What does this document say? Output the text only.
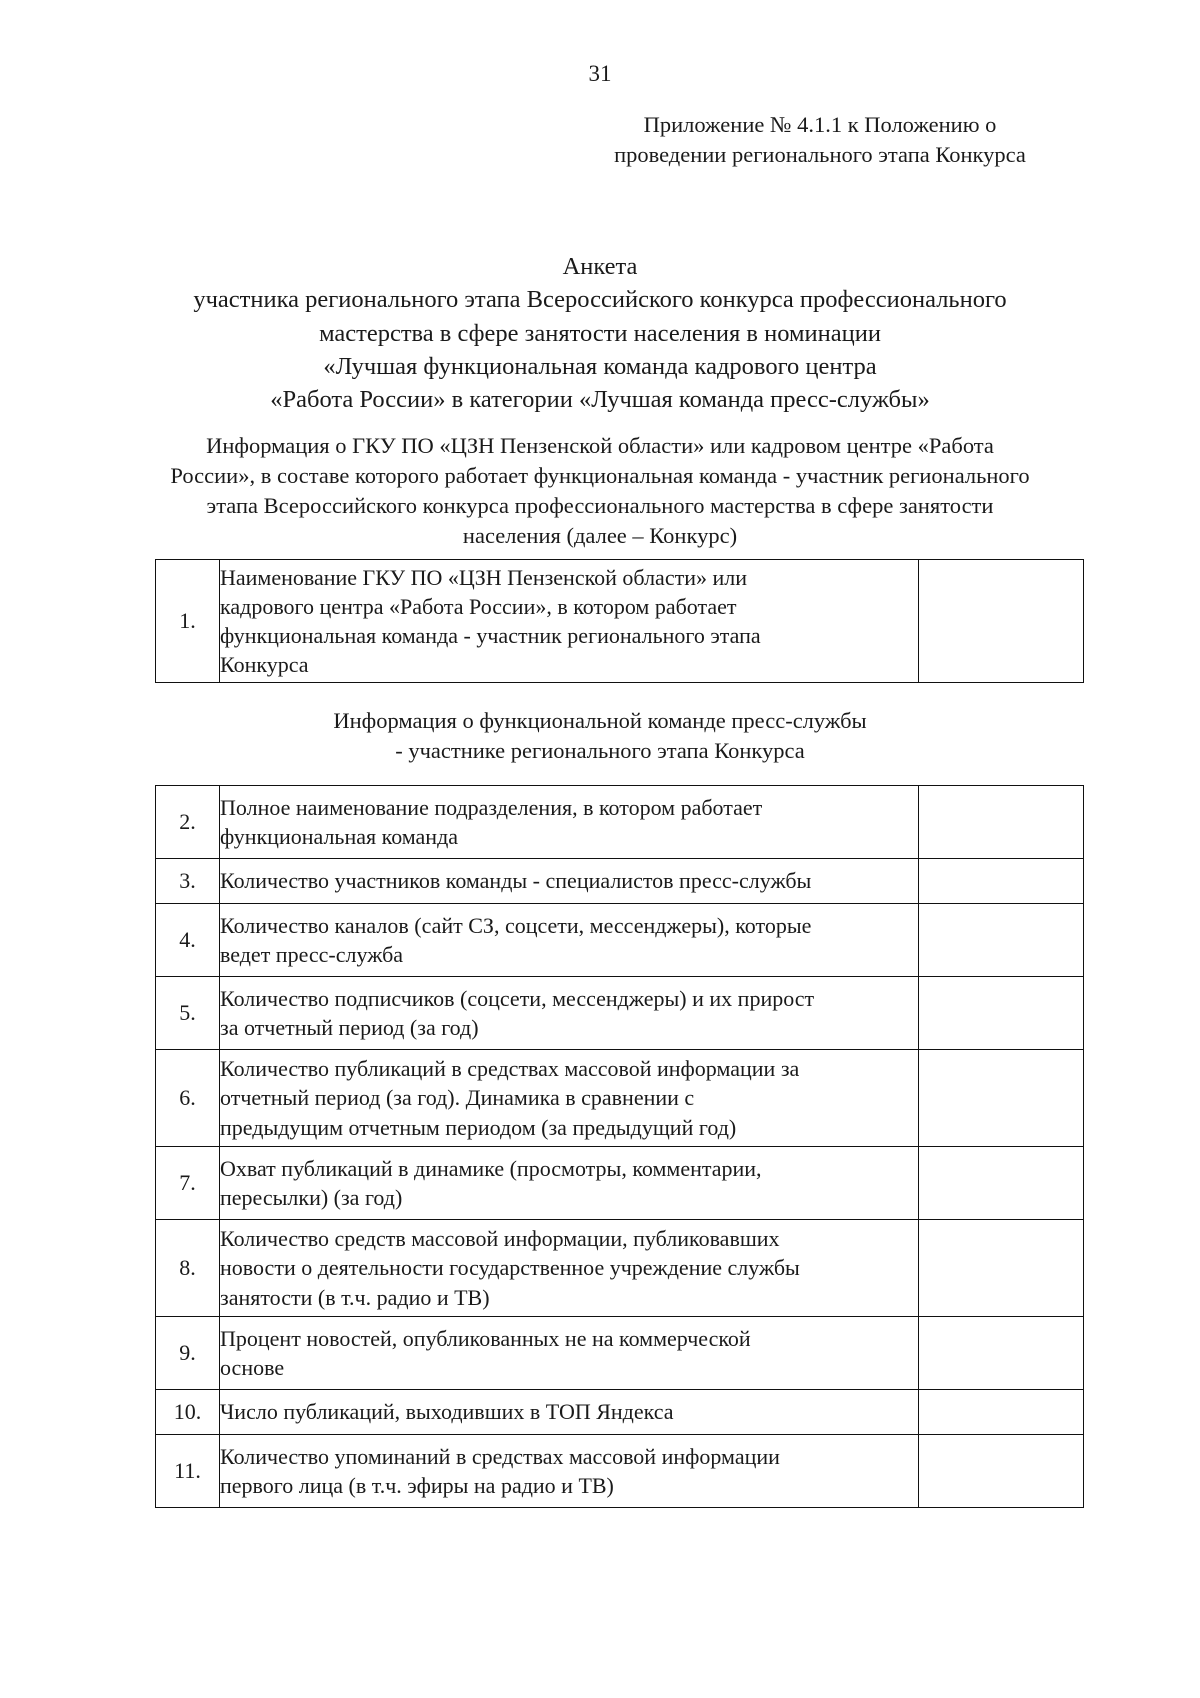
31
Приложение № 4.1.1 к Положению о
проведении регионального этапа Конкурса
Анкета
участника регионального этапа Всероссийского конкурса профессионального
мастерства в сфере занятости населения в номинации
«Лучшая функциональная команда кадрового центра
«Работа России» в категории «Лучшая команда пресс-службы»
Информация о ГКУ ПО «ЦЗН Пензенской области» или кадровом центре «Работа
России», в составе которого работает функциональная команда - участник регионального
этапа Всероссийского конкурса профессионального мастерства в сфере занятости
населения (далее – Конкурс)
1.	
Наименование ГКУ ПО «ЦЗН Пензенской области» или
кадрового центра «Работа России», в котором работает
функциональная команда - участник регионального этапа
Конкурса

Информация о функциональной команде пресс-службы
- участнике регионального этапа Конкурса
2.	Полное наименование подразделения, в котором работает
функциональная команда	

3.	Количество участников команды - специалистов пресс-службы	

4.	Количество каналов (сайт СЗ, соцсети, мессенджеры), которые
ведет пресс-служба	

5.	Количество подписчиков (соцсети, мессенджеры) и их прирост
за отчетный период (за год)	

6.	Количество публикаций в средствах массовой информации за
отчетный период (за год). Динамика в сравнении с
предыдущим отчетным периодом (за предыдущий год)	

7.	Охват публикаций в динамике (просмотры, комментарии,
пересылки) (за год)	

8.	Количество средств массовой информации, публиковавших
новости о деятельности государственное учреждение службы
занятости (в т.ч. радио и ТВ)	

9.	Процент новостей, опубликованных не на коммерческой
основе	

10.	Число публикаций, выходивших в ТОП Яндекса	

11.	Количество упоминаний в средствах массовой информации
первого лица (в т.ч. эфиры на радио и ТВ)	
